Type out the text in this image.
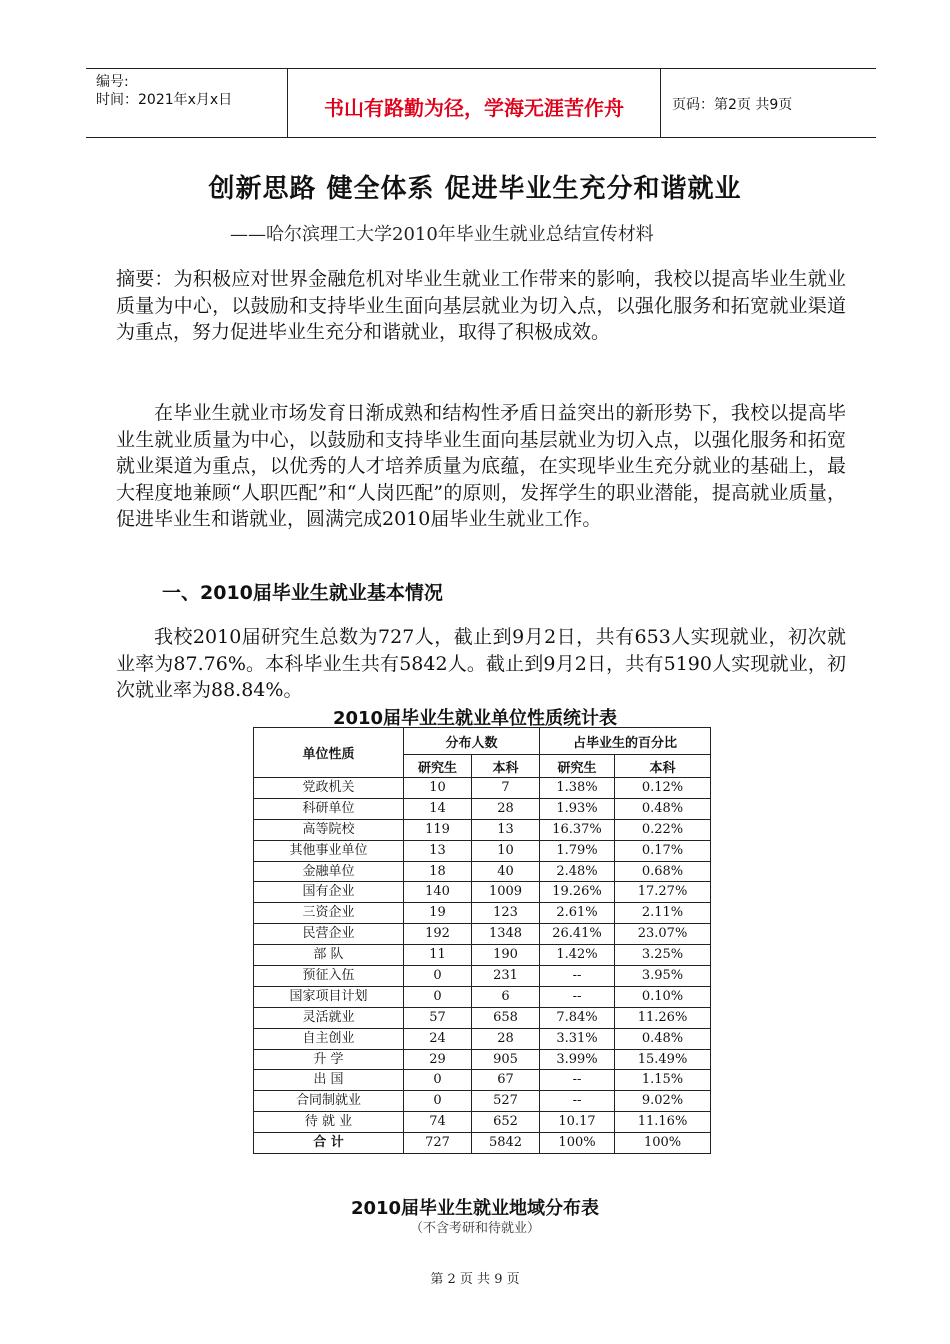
编号:
时间：2021年x月x日	书山有路勤为径，学海无涯苦作舟	页码：第2页 共9页
创新思路 健全体系 促进毕业生充分和谐就业
——哈尔滨理工大学2010年毕业生就业总结宣传材料

摘要：为积极应对世界金融危机对毕业生就业工作带来的影响，我校以提高毕业生就业质量为中心，以鼓励和支持毕业生面向基层就业为切入点，以强化服务和拓宽就业渠道为重点，努力促进毕业生充分和谐就业，取得了积极成效。

在毕业生就业市场发育日渐成熟和结构性矛盾日益突出的新形势下，我校以提高毕业生就业质量为中心，以鼓励和支持毕业生面向基层就业为切入点，以强化服务和拓宽就业渠道为重点，以优秀的人才培养质量为底蕴，在实现毕业生充分就业的基础上，最大程度地兼顾“人职匹配”和“人岗匹配”的原则，发挥学生的职业潜能，提高就业质量，促进毕业生和谐就业，圆满完成2010届毕业生就业工作。

一、2010届毕业生就业基本情况

我校2010届研究生总数为727人，截止到9月2日，共有653人实现就业，初次就业率为87.76%。本科毕业生共有5842人。截止到9月2日，共有5190人实现就业，初次就业率为88.84%。

2010届毕业生就业单位性质统计表
单位性质	分布人数		占毕业生的百分比	
	研究生	本科	研究生	本科
党政机关	10	7	1.38%	0.12%
科研单位	14	28	1.93%	0.48%
高等院校	119	13	16.37%	0.22%
其他事业单位	13	10	1.79%	0.17%
金融单位	18	40	2.48%	0.68%
国有企业	140	1009	19.26%	17.27%
三资企业	19	123	2.61%	2.11%
民营企业	192	1348	26.41%	23.07%
部 队	11	190	1.42%	3.25%
预征入伍	0	231	--	3.95%
国家项目计划	0	6	--	0.10%
灵活就业	57	658	7.84%	11.26%
自主创业	24	28	3.31%	0.48%
升 学	29	905	3.99%	15.49%
出 国	0	67	--	1.15%
合同制就业	0	527	--	9.02%
待 就 业	74	652	10.17	11.16%
合 计	727	5842	100%	100%
2010届毕业生就业地域分布表
（不含考研和待就业）
第 2 页 共 9 页
